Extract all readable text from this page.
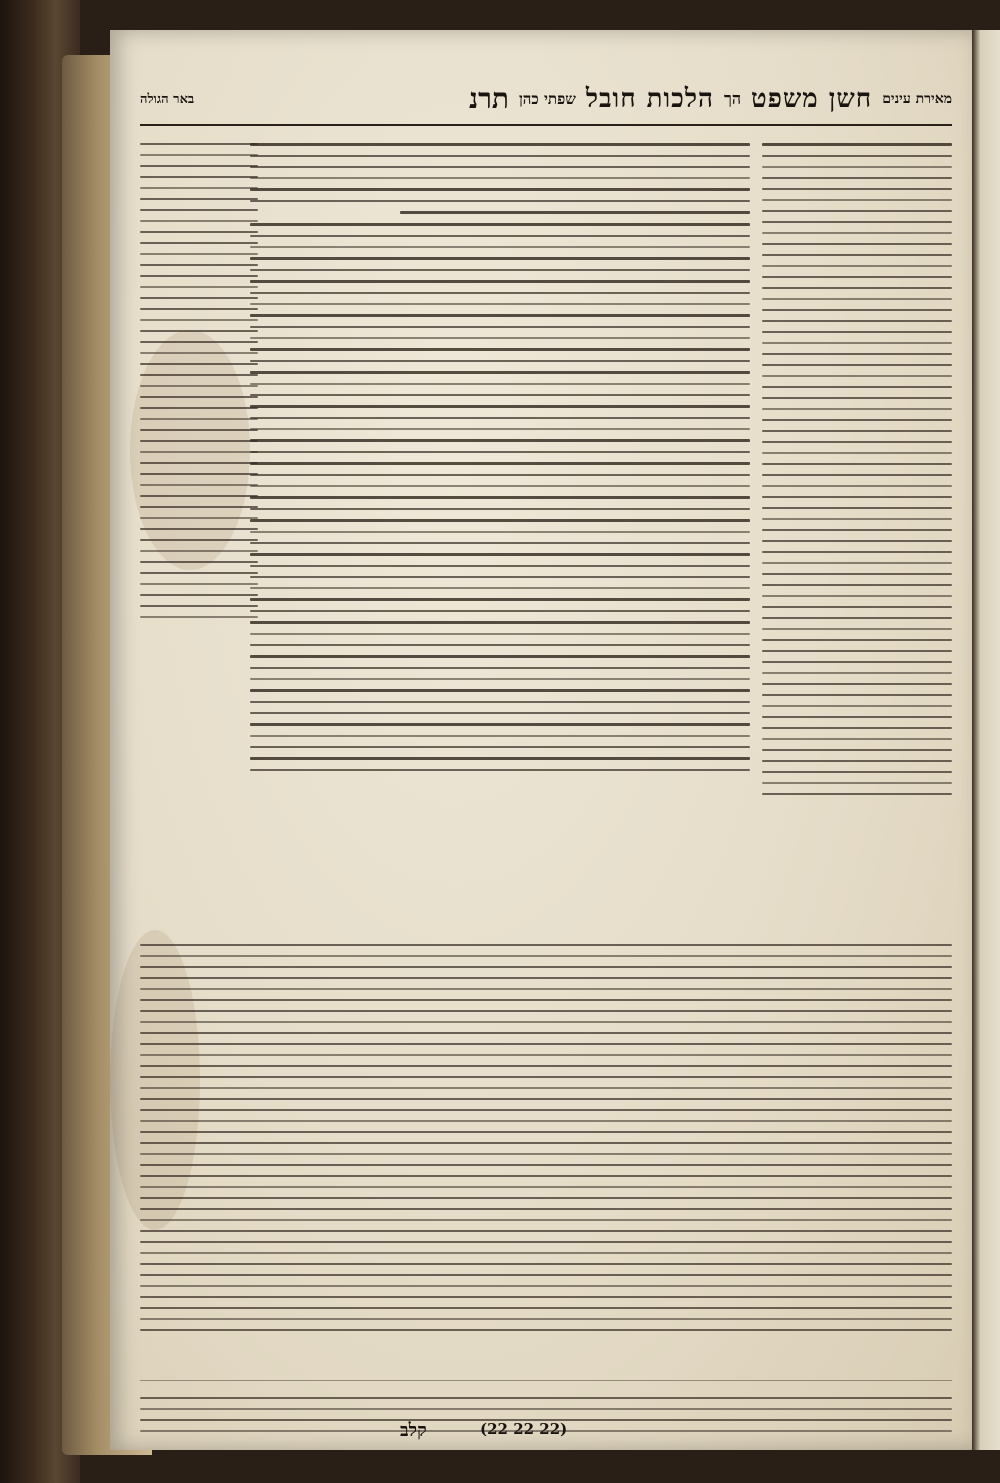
מאירת עינים
חשן משפט
הך
הלכות חובל
שפתי כהן
תרנ
באר הגולה
קלב	(22 22 22)
